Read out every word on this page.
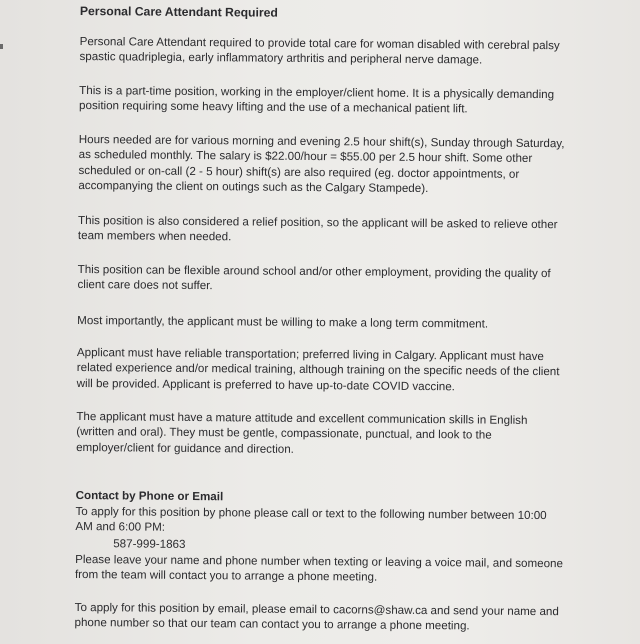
Personal Care Attendant Required

Personal Care Attendant required to provide total care for woman disabled with cerebral palsy
spastic quadriplegia, early inflammatory arthritis and peripheral nerve damage.

This is a part-time position, working in the employer/client home. It is a physically demanding
position requiring some heavy lifting and the use of a mechanical patient lift.

Hours needed are for various morning and evening 2.5 hour shift(s), Sunday through Saturday,
as scheduled monthly. The salary is $22.00/hour = $55.00 per 2.5 hour shift. Some other
scheduled or on-call (2 - 5 hour) shift(s) are also required (eg. doctor appointments, or
accompanying the client on outings such as the Calgary Stampede).

This position is also considered a relief position, so the applicant will be asked to relieve other
team members when needed.

This position can be flexible around school and/or other employment, providing the quality of
client care does not suffer.

Most importantly, the applicant must be willing to make a long term commitment.

Applicant must have reliable transportation; preferred living in Calgary. Applicant must have
related experience and/or medical training, although training on the specific needs of the client
will be provided. Applicant is preferred to have up-to-date COVID vaccine.

The applicant must have a mature attitude and excellent communication skills in English
(written and oral). They must be gentle, compassionate, punctual, and look to the
employer/client for guidance and direction.

Contact by Phone or Email

To apply for this position by phone please call or text to the following number between 10:00
AM and 6:00 PM:

587-999-1863

Please leave your name and phone number when texting or leaving a voice mail, and someone
from the team will contact you to arrange a phone meeting.

To apply for this position by email, please email to cacorns@shaw.ca and send your name and
phone number so that our team can contact you to arrange a phone meeting.
